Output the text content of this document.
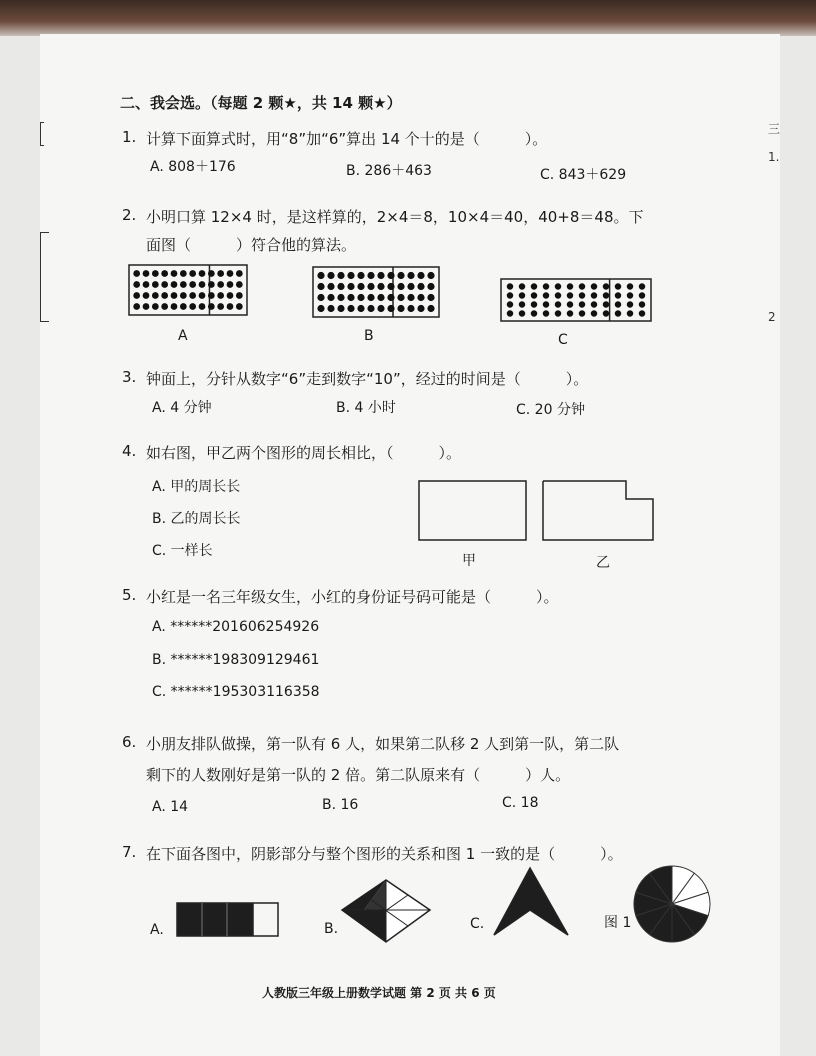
三
1.
2
二、我会选。（每题 2 颗★，共 14 颗★）
1. 计算下面算式时，用“8”加“6”算出 14 个十的是（　　　）。
A. 808＋176	B. 286＋463	C. 843＋629
2. 小明口算 12×4 时，是这样算的，2×4＝8，10×4＝40，40+8＝48。下
面图（　　　）符合他的算法。
A	B	C
3. 钟面上，分针从数字“6”走到数字“10”，经过的时间是（　　　）。
A. 4 分钟	B. 4 小时	C. 20 分钟
4. 如右图，甲乙两个图形的周长相比，（　　　）。
A. 甲的周长长
B. 乙的周长长
C. 一样长
甲	乙
5. 小红是一名三年级女生，小红的身份证号码可能是（　　　）。
A. ******201606254926
B. ******198309129461
C. ******195303116358
6. 小朋友排队做操，第一队有 6 人，如果第二队移 2 人到第一队，第二队
剩下的人数刚好是第一队的 2 倍。第二队原来有（　　　）人。
A. 14	B. 16	C. 18
7. 在下面各图中，阴影部分与整个图形的关系和图 1 一致的是（　　　）。
A.	B.	C.	图 1
人教版三年级上册数学试题 第 2 页 共 6 页
